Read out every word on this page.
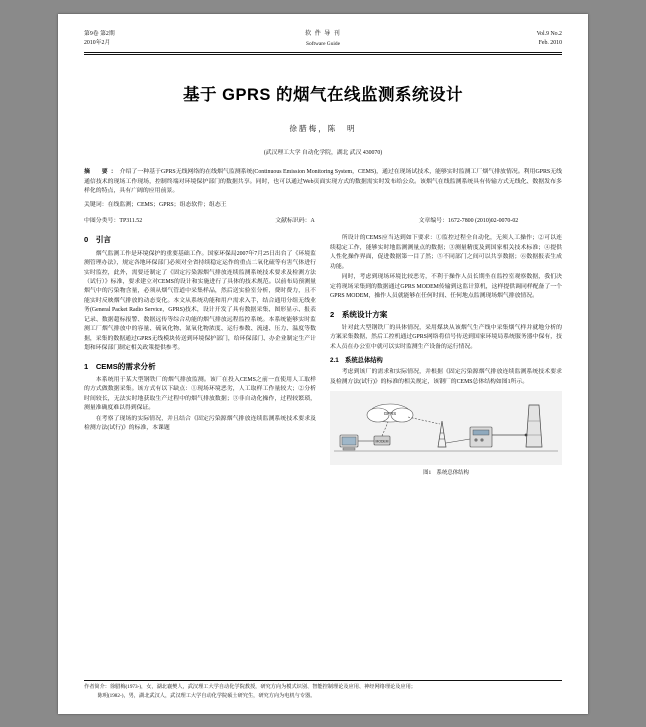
第9卷 第2期
2010年2月
软 件 导 刊
Software Guide
Vol.9 No.2
Feb. 2010
基于 GPRS 的烟气在线监测系统设计
徐腊梅，陈　明
(武汉理工大学 自动化学院，湖北 武汉 430070)
摘　要：介绍了一种基于GPRS无线网络的在线烟气监测系统(Continuous Emission Monitoring System，CEMS)，通过在现场试技术，能够实时监测工厂烟气排放情况。利用GPRS无线通信技术的现场工作现场，控制终端对环境保护部门的数据共享。同时，也可以通过Web页面实现方式的数据需实时发布给公众。该烟气在线监测系统具有传输方式无线化、数据发布多样化的特点，具有广阔的应用前景。
关键词：在线监测；CEMS；GPRS；组态软件；组态王
中图分类号：TP311.52	文献标识码：A	文章编号：1672-7800 (2010)02-0070-02
0　引言

烟气监测工作是环境保护的重要基础工作。国家环保局2007年7月25日出台了《环境监测管理办法》，规定各地环保部门必须对全省持续稳定运作的重点二氧化硫等有害气体进行实时监控，此外，需要还制定了《固定污染源烟气排放连续监测系统技术要求及检测方法（试行）》标准，要求建立对CEMS的设计和实施进行了具体的技术规范。以前布局预测量烟气中的污染物含量，必须从烟气管道中采集样品，然后送实验室分析，费时费力，且不能实时反映烟气排放的动态变化。本文从系统功能和用户需求入手，结合通用分组无线业务(General Packet Radio Service，GPRS)技术，设计开发了具有数据采集、图形显示、报表记录、数据超标报警、数据远传等综合功能的烟气排放远程监控系统。本系统能够实时监测工厂烟气排放中的容量、硫氧化物、氮氧化物浓度、运行参数、流速、压力、温度等数据，采集的数据通过GPRS无线模块传送到环境保护部门，给环保部门、办企业制定生产计划和环保部门制定相关政策提供参考。

1　CEMS的需求分析

本系统用于某大型钢铁厂的烟气排放监测。该厂在投入CEMS之前一直使用人工取样的方式做数据采集。该方式有以下缺点：①现场环境恶劣，人工取样工作量较大；②分析时间较长，无法实时地获取生产过程中的烟气排放数据；③非自动化操作，过程较繁琐，测量准确度难以得到保证。

在考察了现场的实际情况，并且结合《固定污染源烟气排放连续监测系统技术要求及检测方法(试行)》的标准，本课题

所设计的CEMS应当达到如下要求：①监控过程全自动化，无须人工操作；②可以连续稳定工作，能够实时地监测测量点的数据；③测量精度及到国家相关技术标准；④提供人性化操作界面，促进数据第一目了然；⑤不同部门之间可以共享数据；⑥数据报表生成功能。

同时，考虑到现场环境比较恶劣，不利于操作人员长期坐在监控室观察数据，我们决定将现场采集到的数据通过GPRS MODEM传输到这监计算机，这样提供调同样配备了一个GPRS MODEM，操作人员就能够在任何时间、任何地点监测现场烟气排放情况。

2　系统设计方案

针对此大型钢铁厂的具体情况，采用煤块从该烟气生产线中采集烟气样并就地分析的方案采集数据，然后工控机通过GPRS网络将信号传送到国家环境局系统服务器中保有，技术人员在办公室中就可以实时监测生产设备的运行情况。

2.1　系统总体结构

考虑到该厂的需求和实际情况，并根据《固定污染源烟气排放连续监测系统技术要求及检测方法(试行)》的标准的相关规定，该钢厂的CEMS总体结构如图1所示。

GPRS
MODEM
图1　系统总体结构
作者简介：徐腊梅(1973-)，女，湖北襄樊人，武汉理工大学自动化学院教授，研究方向为模式识别、智能控制理论及应用、神经网络理论及应用；
陈明(1982-)，男，湖北武汉人，武汉理工大学自动化学院硕士研究生，研究方向为电机与专器。
